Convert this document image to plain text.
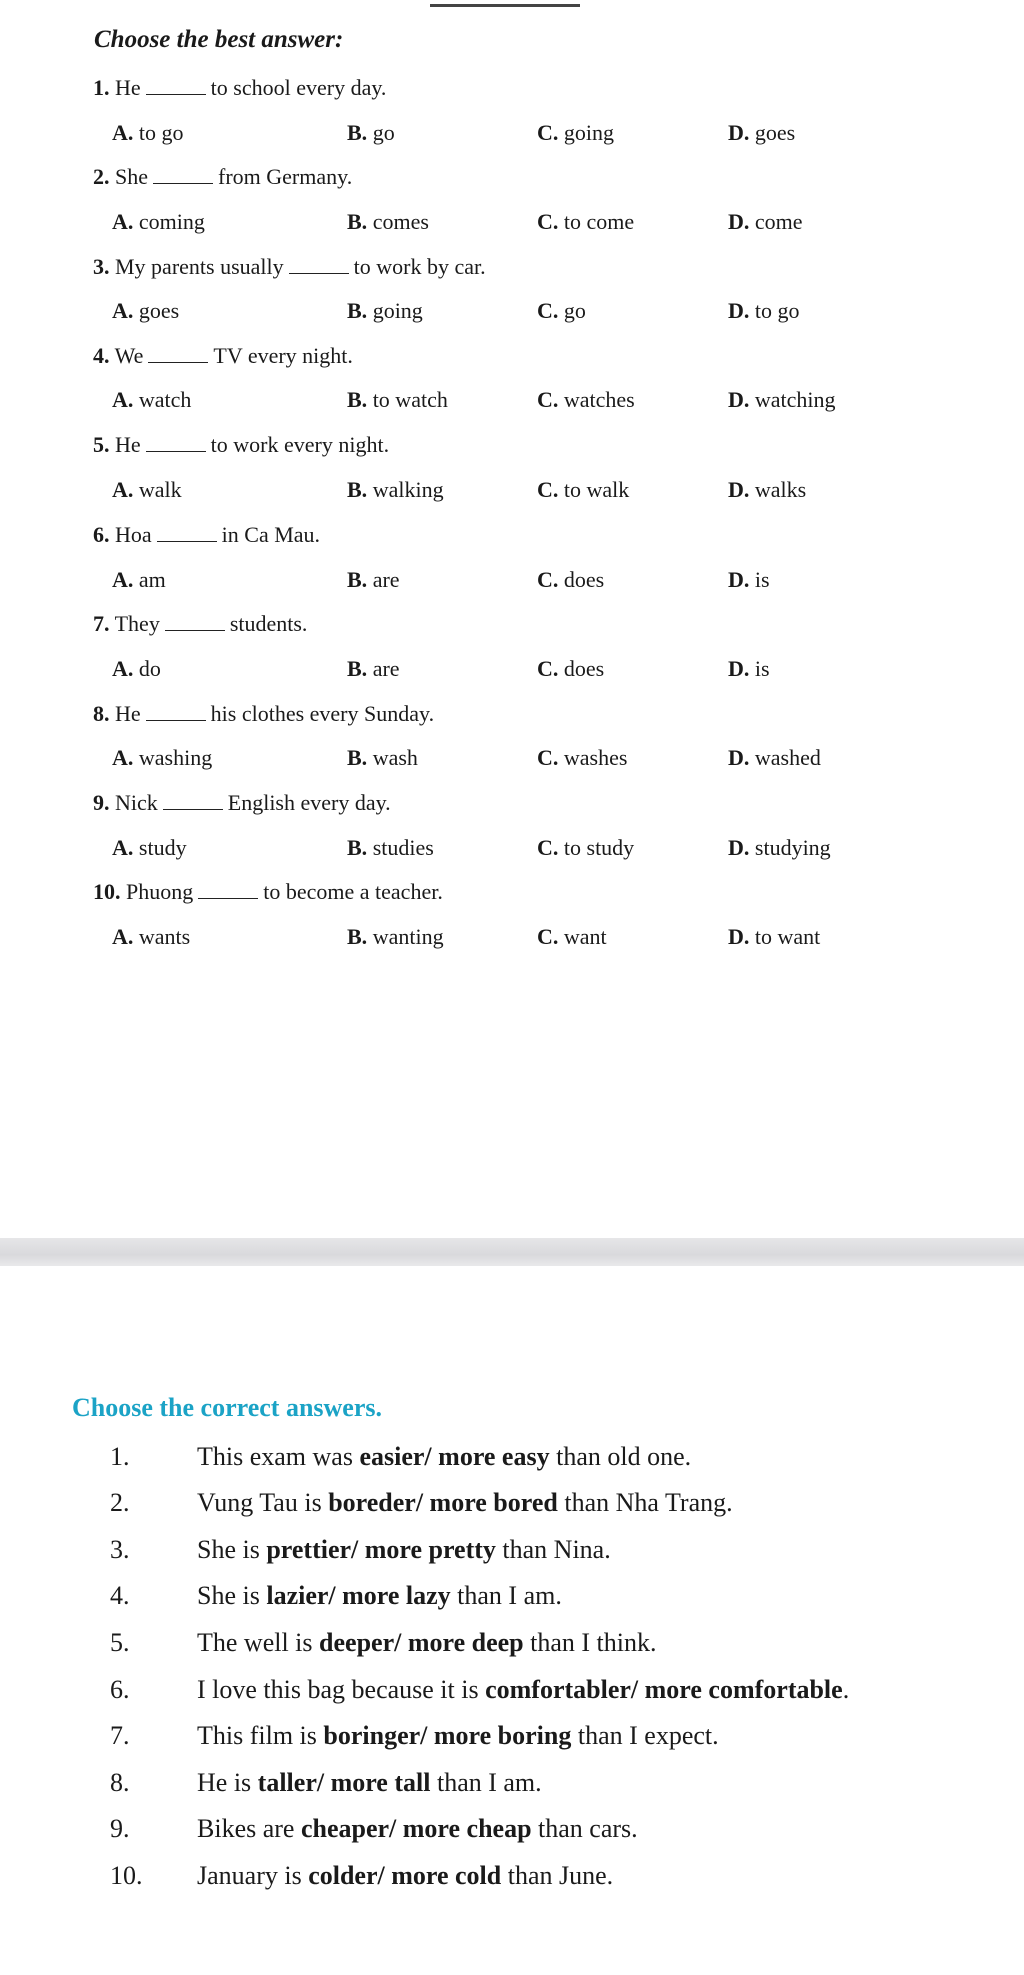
Choose the best answer:
1. He	to school every day.
A. to go	B. go	C. going	D. goes
2. She	from Germany.
A. coming	B. comes	C. to come	D. come
3. My parents usually	to work by car.
A. goes	B. going	C. go	D. to go
4. We	TV every night.
A. watch	B. to watch	C. watches	D. watching
5. He	to work every night.
A. walk	B. walking	C. to walk	D. walks
6. Hoa	in Ca Mau.
A. am	B. are	C. does	D. is
7. They	students.
A. do	B. are	C. does	D. is
8. He	his clothes every Sunday.
A. washing	B. wash	C. washes	D. washed
9. Nick	English every day.
A. study	B. studies	C. to study	D. studying
10. Phuong	to become a teacher.
A. wants	B. wanting	C. want	D. to want
Choose the correct answers.
1.	This exam was easier/ more easy than old one.
2.	Vung Tau is boreder/ more bored than Nha Trang.
3.	She is prettier/ more pretty than Nina.
4.	She is lazier/ more lazy than I am.
5.	The well is deeper/ more deep than I think.
6.	I love this bag because it is comfortabler/ more comfortable.
7.	This film is boringer/ more boring than I expect.
8.	He is taller/ more tall than I am.
9.	Bikes are cheaper/ more cheap than cars.
10. January is colder/ more cold than June.
